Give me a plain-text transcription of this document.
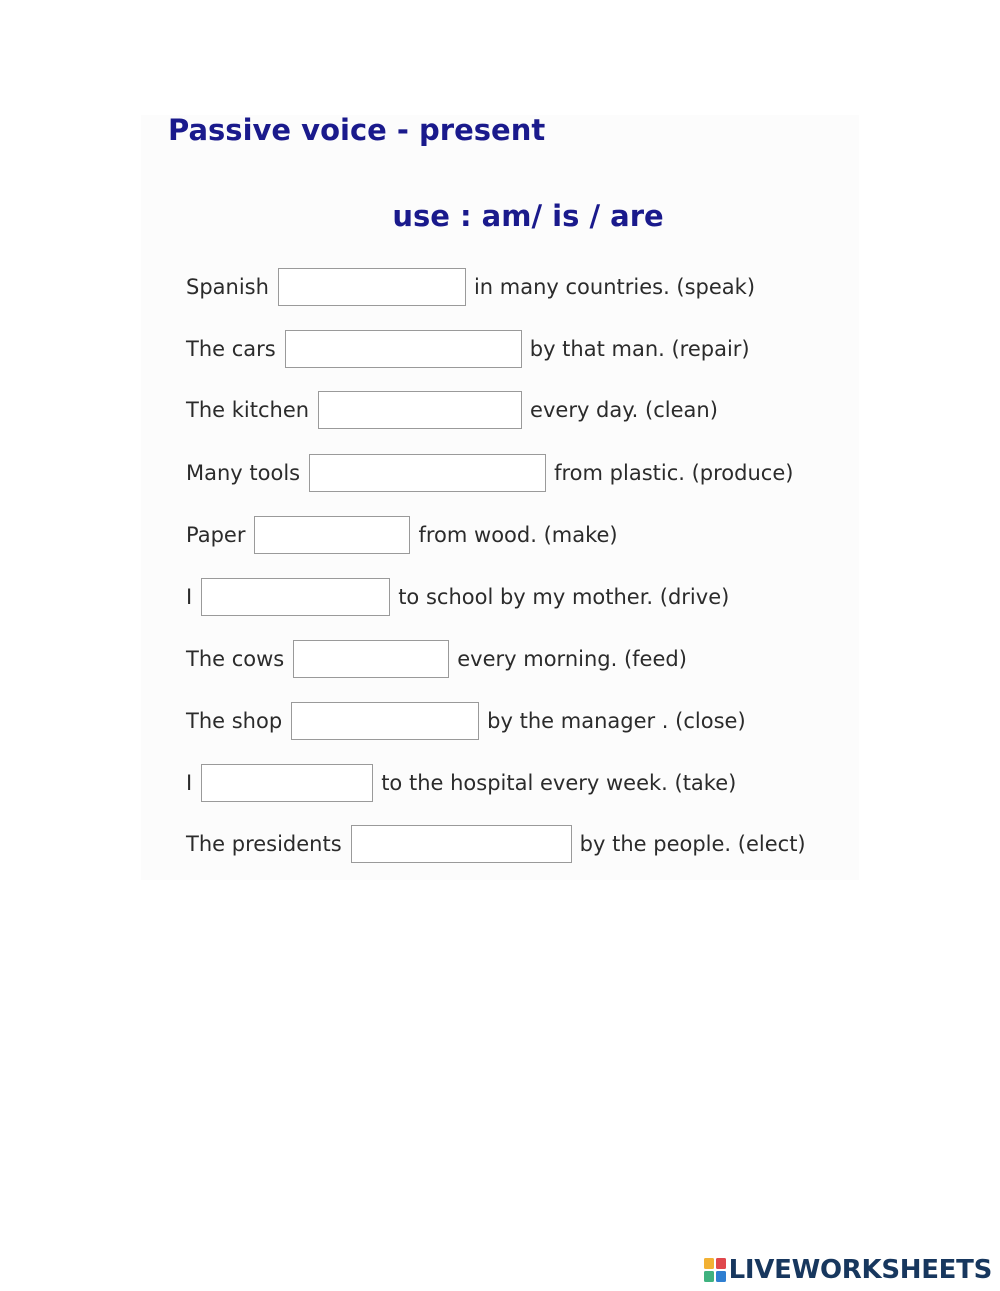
Passive voice - present
use : am/ is / are
Spanish	in many countries. (speak)
The cars	by that man. (repair)
The kitchen	every day. (clean)
Many tools	from plastic. (produce)
Paper	from wood. (make)
I	to school by my mother. (drive)
The cows	every morning. (feed)
The shop	by the manager . (close)
I	to the hospital every week. (take)
The presidents	by the people. (elect)
LIVEWORKSHEETS
